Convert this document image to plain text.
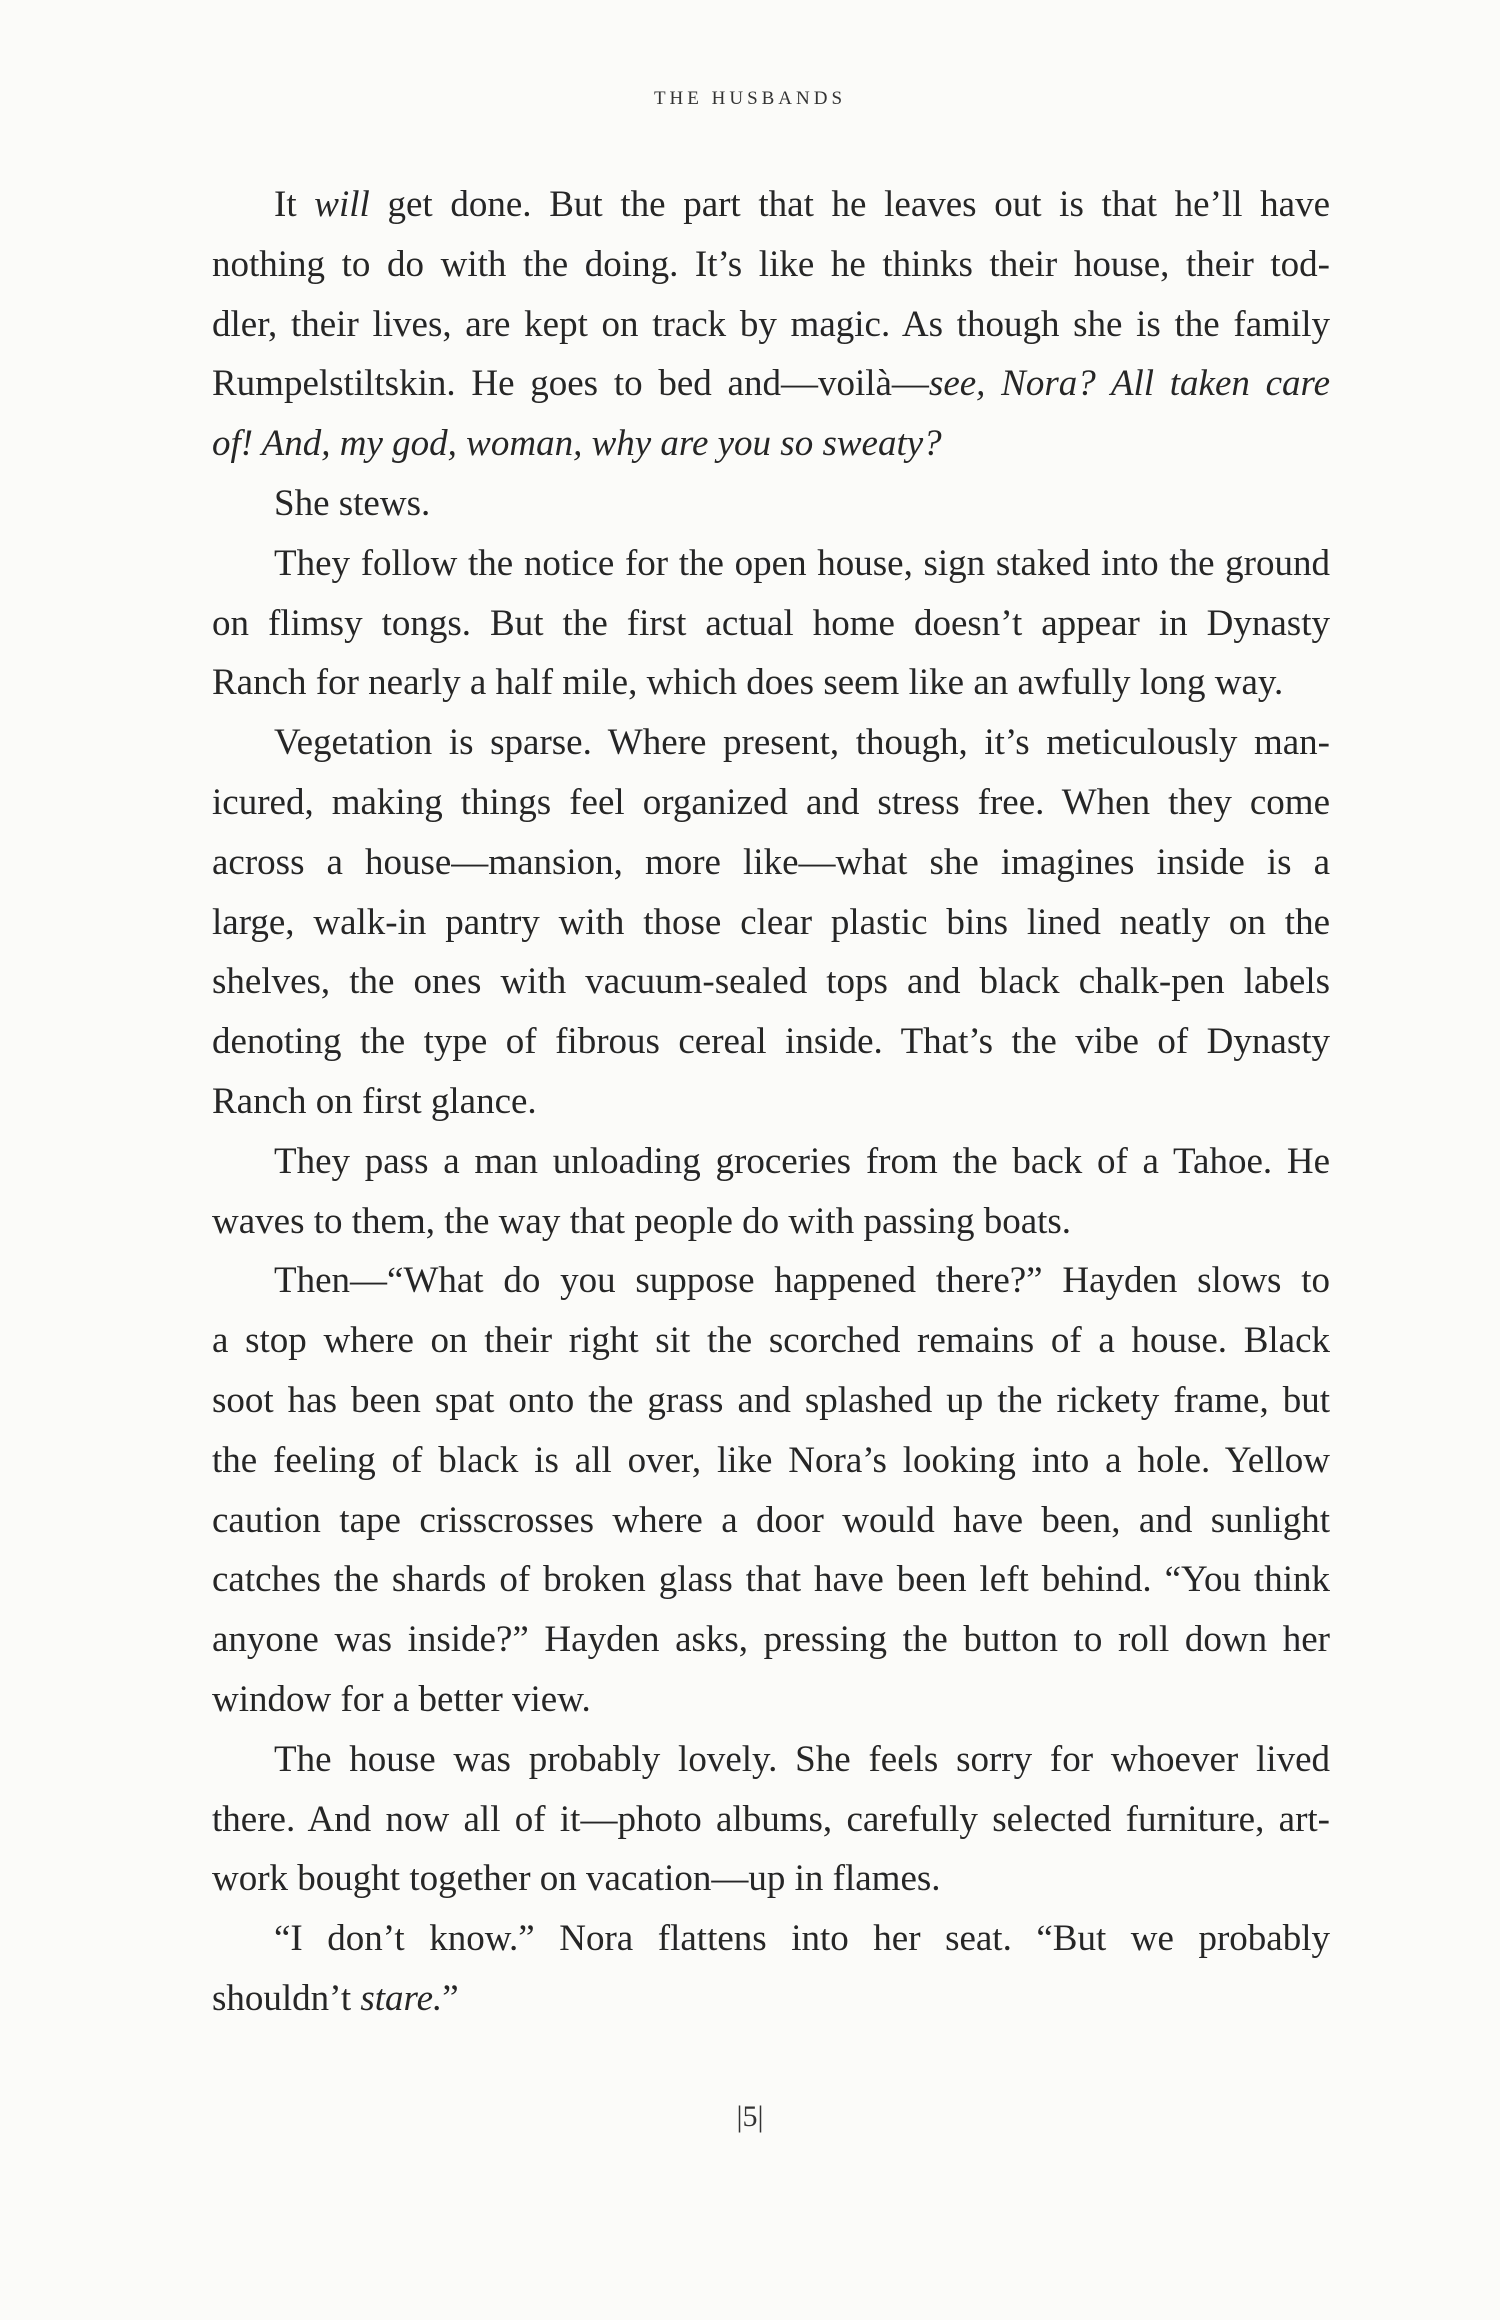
THE HUSBANDS
It will get done. But the part that he leaves out is that he’ll have
nothing to do with the doing. It’s like he thinks their house, their tod-
dler, their lives, are kept on track by magic. As though she is the family
Rumpelstiltskin. He goes to bed and—voilà—see, Nora? All taken care
of! And, my god, woman, why are you so sweaty?
She stews.
They follow the notice for the open house, sign staked into the ground
on flimsy tongs. But the first actual home doesn’t appear in Dynasty
Ranch for nearly a half mile, which does seem like an awfully long way.
Vegetation is sparse. Where present, though, it’s meticulously man-
icured, making things feel organized and stress free. When they come
across a house—mansion, more like—what she imagines inside is a
large, walk-in pantry with those clear plastic bins lined neatly on the
shelves, the ones with vacuum-sealed tops and black chalk-pen labels
denoting the type of fibrous cereal inside. That’s the vibe of Dynasty
Ranch on first glance.
They pass a man unloading groceries from the back of a Tahoe. He
waves to them, the way that people do with passing boats.
Then—“What do you suppose happened there?” Hayden slows to
a stop where on their right sit the scorched remains of a house. Black
soot has been spat onto the grass and splashed up the rickety frame, but
the feeling of black is all over, like Nora’s looking into a hole. Yellow
caution tape crisscrosses where a door would have been, and sunlight
catches the shards of broken glass that have been left behind. “You think
anyone was inside?” Hayden asks, pressing the button to roll down her
window for a better view.
The house was probably lovely. She feels sorry for whoever lived
there. And now all of it—photo albums, carefully selected furniture, art-
work bought together on vacation—up in flames.
“I don’t know.” Nora flattens into her seat. “But we probably
shouldn’t stare.”
|5|
